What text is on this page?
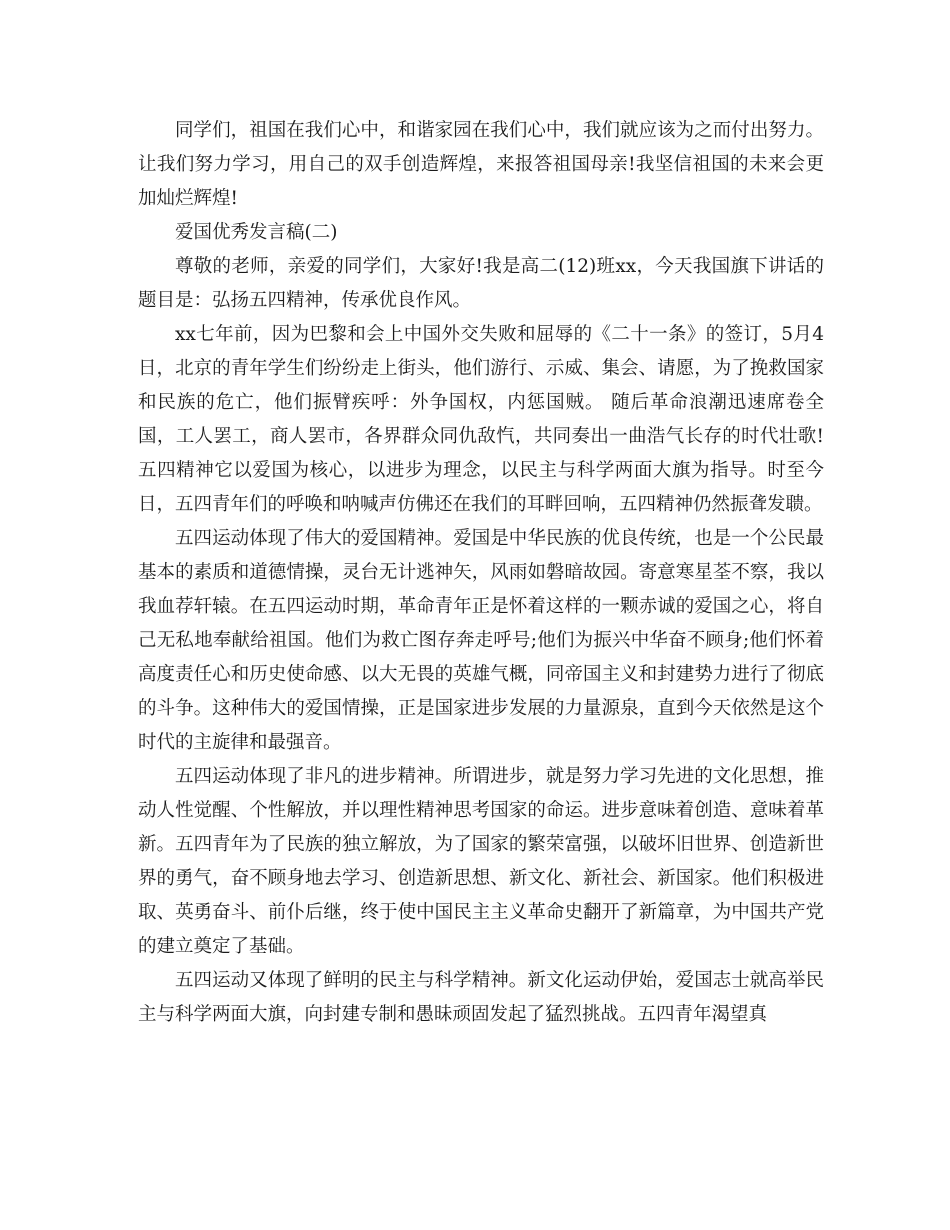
同学们，祖国在我们心中，和谐家园在我们心中，我们就应该为之而付出努力。让我们努力学习，用自己的双手创造辉煌，来报答祖国母亲!我坚信祖国的未来会更加灿烂辉煌!

爱国优秀发言稿(二)

尊敬的老师，亲爱的同学们，大家好!我是高二(12)班xx，今天我国旗下讲话的题目是：弘扬五四精神，传承优良作风。

xx七年前，因为巴黎和会上中国外交失败和屈辱的《二十一条》的签订，5月4日，北京的青年学生们纷纷走上街头，他们游行、示威、集会、请愿，为了挽救国家和民族的危亡，他们振臂疾呼：外争国权，内惩国贼。 随后革命浪潮迅速席卷全国，工人罢工，商人罢市，各界群众同仇敌忾，共同奏出一曲浩气长存的时代壮歌!五四精神它以爱国为核心，以进步为理念，以民主与科学两面大旗为指导。时至今日，五四青年们的呼唤和呐喊声仿佛还在我们的耳畔回响，五四精神仍然振聋发聩。

五四运动体现了伟大的爱国精神。爱国是中华民族的优良传统，也是一个公民最基本的素质和道德情操，灵台无计逃神矢，风雨如磐暗故园。寄意寒星荃不察，我以我血荐轩辕。在五四运动时期，革命青年正是怀着这样的一颗赤诚的爱国之心，将自己无私地奉献给祖国。他们为救亡图存奔走呼号;他们为振兴中华奋不顾身;他们怀着高度责任心和历史使命感、以大无畏的英雄气概，同帝国主义和封建势力进行了彻底的斗争。这种伟大的爱国情操，正是国家进步发展的力量源泉，直到今天依然是这个时代的主旋律和最强音。

五四运动体现了非凡的进步精神。所谓进步，就是努力学习先进的文化思想，推动人性觉醒、个性解放，并以理性精神思考国家的命运。进步意味着创造、意味着革新。五四青年为了民族的独立解放，为了国家的繁荣富强，以破坏旧世界、创造新世界的勇气，奋不顾身地去学习、创造新思想、新文化、新社会、新国家。他们积极进取、英勇奋斗、前仆后继，终于使中国民主主义革命史翻开了新篇章，为中国共产党的建立奠定了基础。

五四运动又体现了鲜明的民主与科学精神。新文化运动伊始，爱国志士就高举民主与科学两面大旗，向封建专制和愚昧顽固发起了猛烈挑战。五四青年渴望真
